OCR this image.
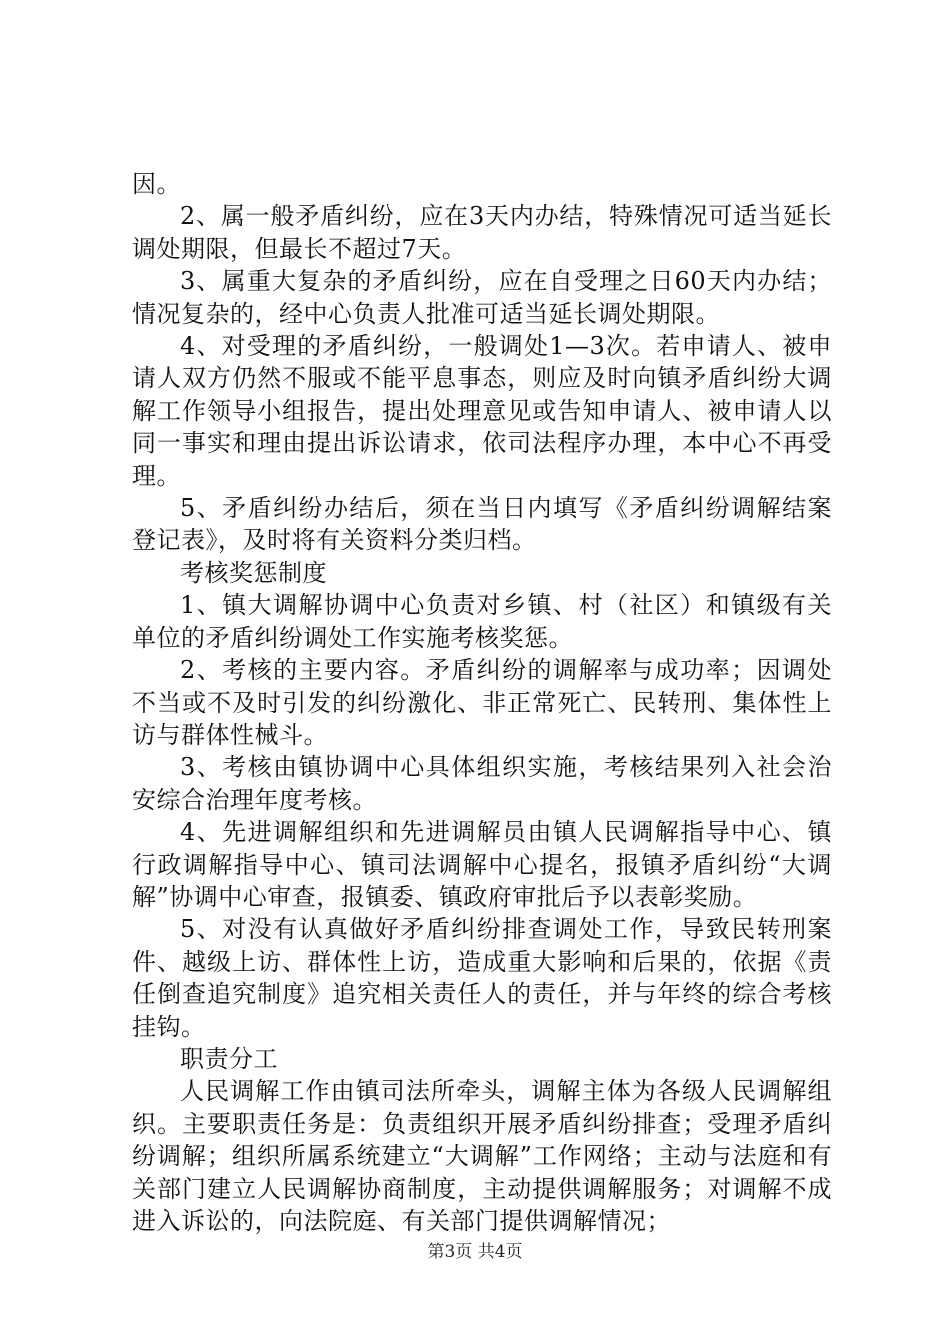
因。

2、属一般矛盾纠纷，应在3天内办结，特殊情况可适当延长调处期限，但最长不超过7天。

3、属重大复杂的矛盾纠纷，应在自受理之日60天内办结；情况复杂的，经中心负责人批准可适当延长调处期限。

4、对受理的矛盾纠纷，一般调处1—3次。若申请人、被申请人双方仍然不服或不能平息事态，则应及时向镇矛盾纠纷大调解工作领导小组报告，提出处理意见或告知申请人、被申请人以同一事实和理由提出诉讼请求，依司法程序办理，本中心不再受理。

5、矛盾纠纷办结后，须在当日内填写《矛盾纠纷调解结案登记表》，及时将有关资料分类归档。

考核奖惩制度

1、镇大调解协调中心负责对乡镇、村（社区）和镇级有关单位的矛盾纠纷调处工作实施考核奖惩。

2、考核的主要内容。矛盾纠纷的调解率与成功率；因调处不当或不及时引发的纠纷激化、非正常死亡、民转刑、集体性上访与群体性械斗。

3、考核由镇协调中心具体组织实施，考核结果列入社会治安综合治理年度考核。

4、先进调解组织和先进调解员由镇人民调解指导中心、镇行政调解指导中心、镇司法调解中心提名，报镇矛盾纠纷“大调解”协调中心审查，报镇委、镇政府审批后予以表彰奖励。

5、对没有认真做好矛盾纠纷排查调处工作，导致民转刑案件、越级上访、群体性上访，造成重大影响和后果的，依据《责任倒查追究制度》追究相关责任人的责任，并与年终的综合考核挂钩。

职责分工

人民调解工作由镇司法所牵头，调解主体为各级人民调解组织。主要职责任务是：负责组织开展矛盾纠纷排查；受理矛盾纠纷调解；组织所属系统建立“大调解”工作网络；主动与法庭和有关部门建立人民调解协商制度，主动提供调解服务；对调解不成进入诉讼的，向法院庭、有关部门提供调解情况；

第3页 共4页
